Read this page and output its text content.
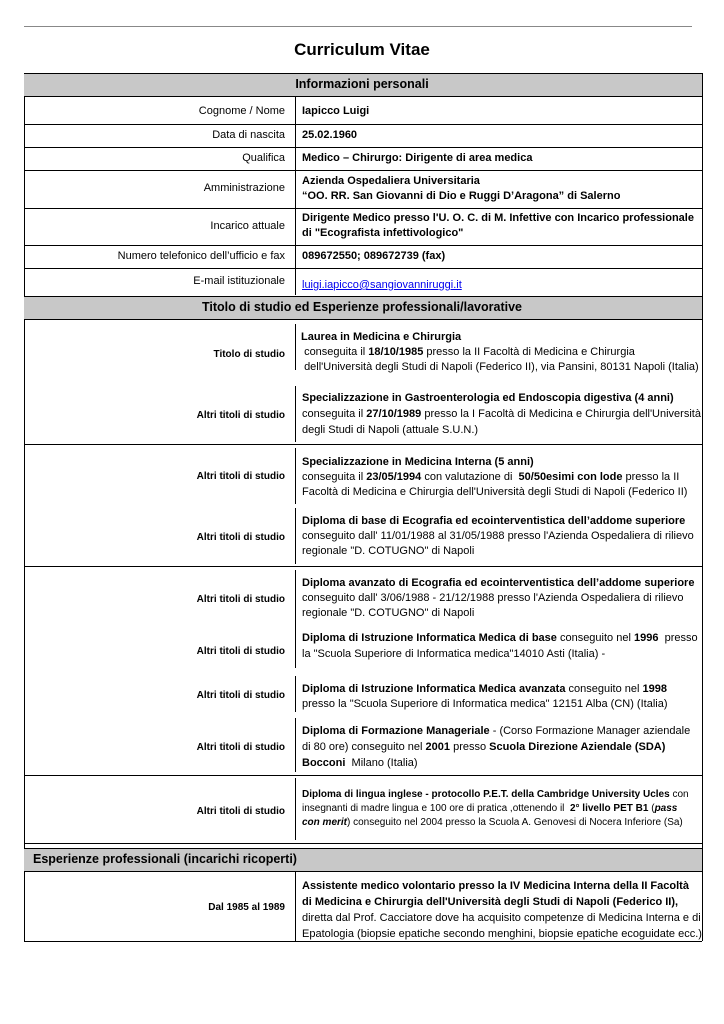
Curriculum Vitae
Informazioni personali
Cognome / Nome Iapicco Luigi
Data di nascita 25.02.1960
Qualifica Medico – Chirurgo: Dirigente di area medica
Amministrazione
Azienda Ospedaliera Universitaria
“OO. RR. San Giovanni di Dio e Ruggi D’Aragona” di Salerno
Incarico attuale
Dirigente Medico presso l'U. O. C. di M. Infettive con Incarico professionale
di "Ecografista infettivologico"
Numero telefonico dell’ufficio e fax 089672550; 089672739 (fax)
E-mail istituzionale luigi.iapicco@sangiovanniruggi.it
Titolo di studio ed Esperienze professionali/lavorative
Titolo di studio
Laurea in Medicina e Chirurgia
conseguita il 18/10/1985 presso la II Facoltà di Medicina e Chirurgia
dell'Università degli Studi di Napoli (Federico II), via Pansini, 80131 Napoli (Italia)
Altri titoli di studio
Specializzazione in Gastroenterologia ed Endoscopia digestiva (4 anni)
conseguita il 27/10/1989 presso la I Facoltà di Medicina e Chirurgia dell'Università
degli Studi di Napoli (attuale S.U.N.)
Altri titoli di studio
Specializzazione in Medicina Interna (5 anni)
conseguita il 23/05/1994 con valutazione di 50/50esimi con lode presso la II
Facoltà di Medicina e Chirurgia dell'Università degli Studi di Napoli (Federico II)
Altri titoli di studio
Diploma di base di Ecografia ed ecointerventistica dell’addome superiore
conseguito dall' 11/01/1988 al 31/05/1988 presso l'Azienda Ospedaliera di rilievo
regionale "D. COTUGNO" di Napoli
Altri titoli di studio
Diploma avanzato di Ecografia ed ecointerventistica dell’addome superiore
conseguito dall' 3/06/1988 - 21/12/1988 presso l'Azienda Ospedaliera di rilievo
regionale "D. COTUGNO" di Napoli
Altri titoli di studio
Diploma di Istruzione Informatica Medica di base conseguito nel 1996 presso
la "Scuola Superiore di Informatica medica"14010 Asti (Italia) -
Altri titoli di studio
Diploma di Istruzione Informatica Medica avanzata conseguito nel 1998
presso la "Scuola Superiore di Informatica medica" 12151 Alba (CN) (Italia)
Altri titoli di studio
Diploma di Formazione Manageriale - (Corso Formazione Manager aziendale
di 80 ore) conseguito nel 2001 presso Scuola Direzione Aziendale (SDA)
Bocconi Milano (Italia)
Altri titoli di studio
Diploma di lingua inglese - protocollo P.E.T. della Cambridge University Ucles con
insegnanti di madre lingua e 100 ore di pratica ,ottenendo il 2° livello PET B1 (pass
con merit) conseguito nel 2004 presso la Scuola A. Genovesi di Nocera Inferiore (Sa)
Esperienze professionali (incarichi ricoperti)
Dal 1985 al 1989
Assistente medico volontario presso la IV Medicina Interna della II Facoltà
di Medicina e Chirurgia dell'Università degli Studi di Napoli (Federico II),
diretta dal Prof. Cacciatore dove ha acquisito competenze di Medicina Interna e di
Epatologia (biopsie epatiche secondo menghini, biopsie epatiche ecoguidate ecc.)
